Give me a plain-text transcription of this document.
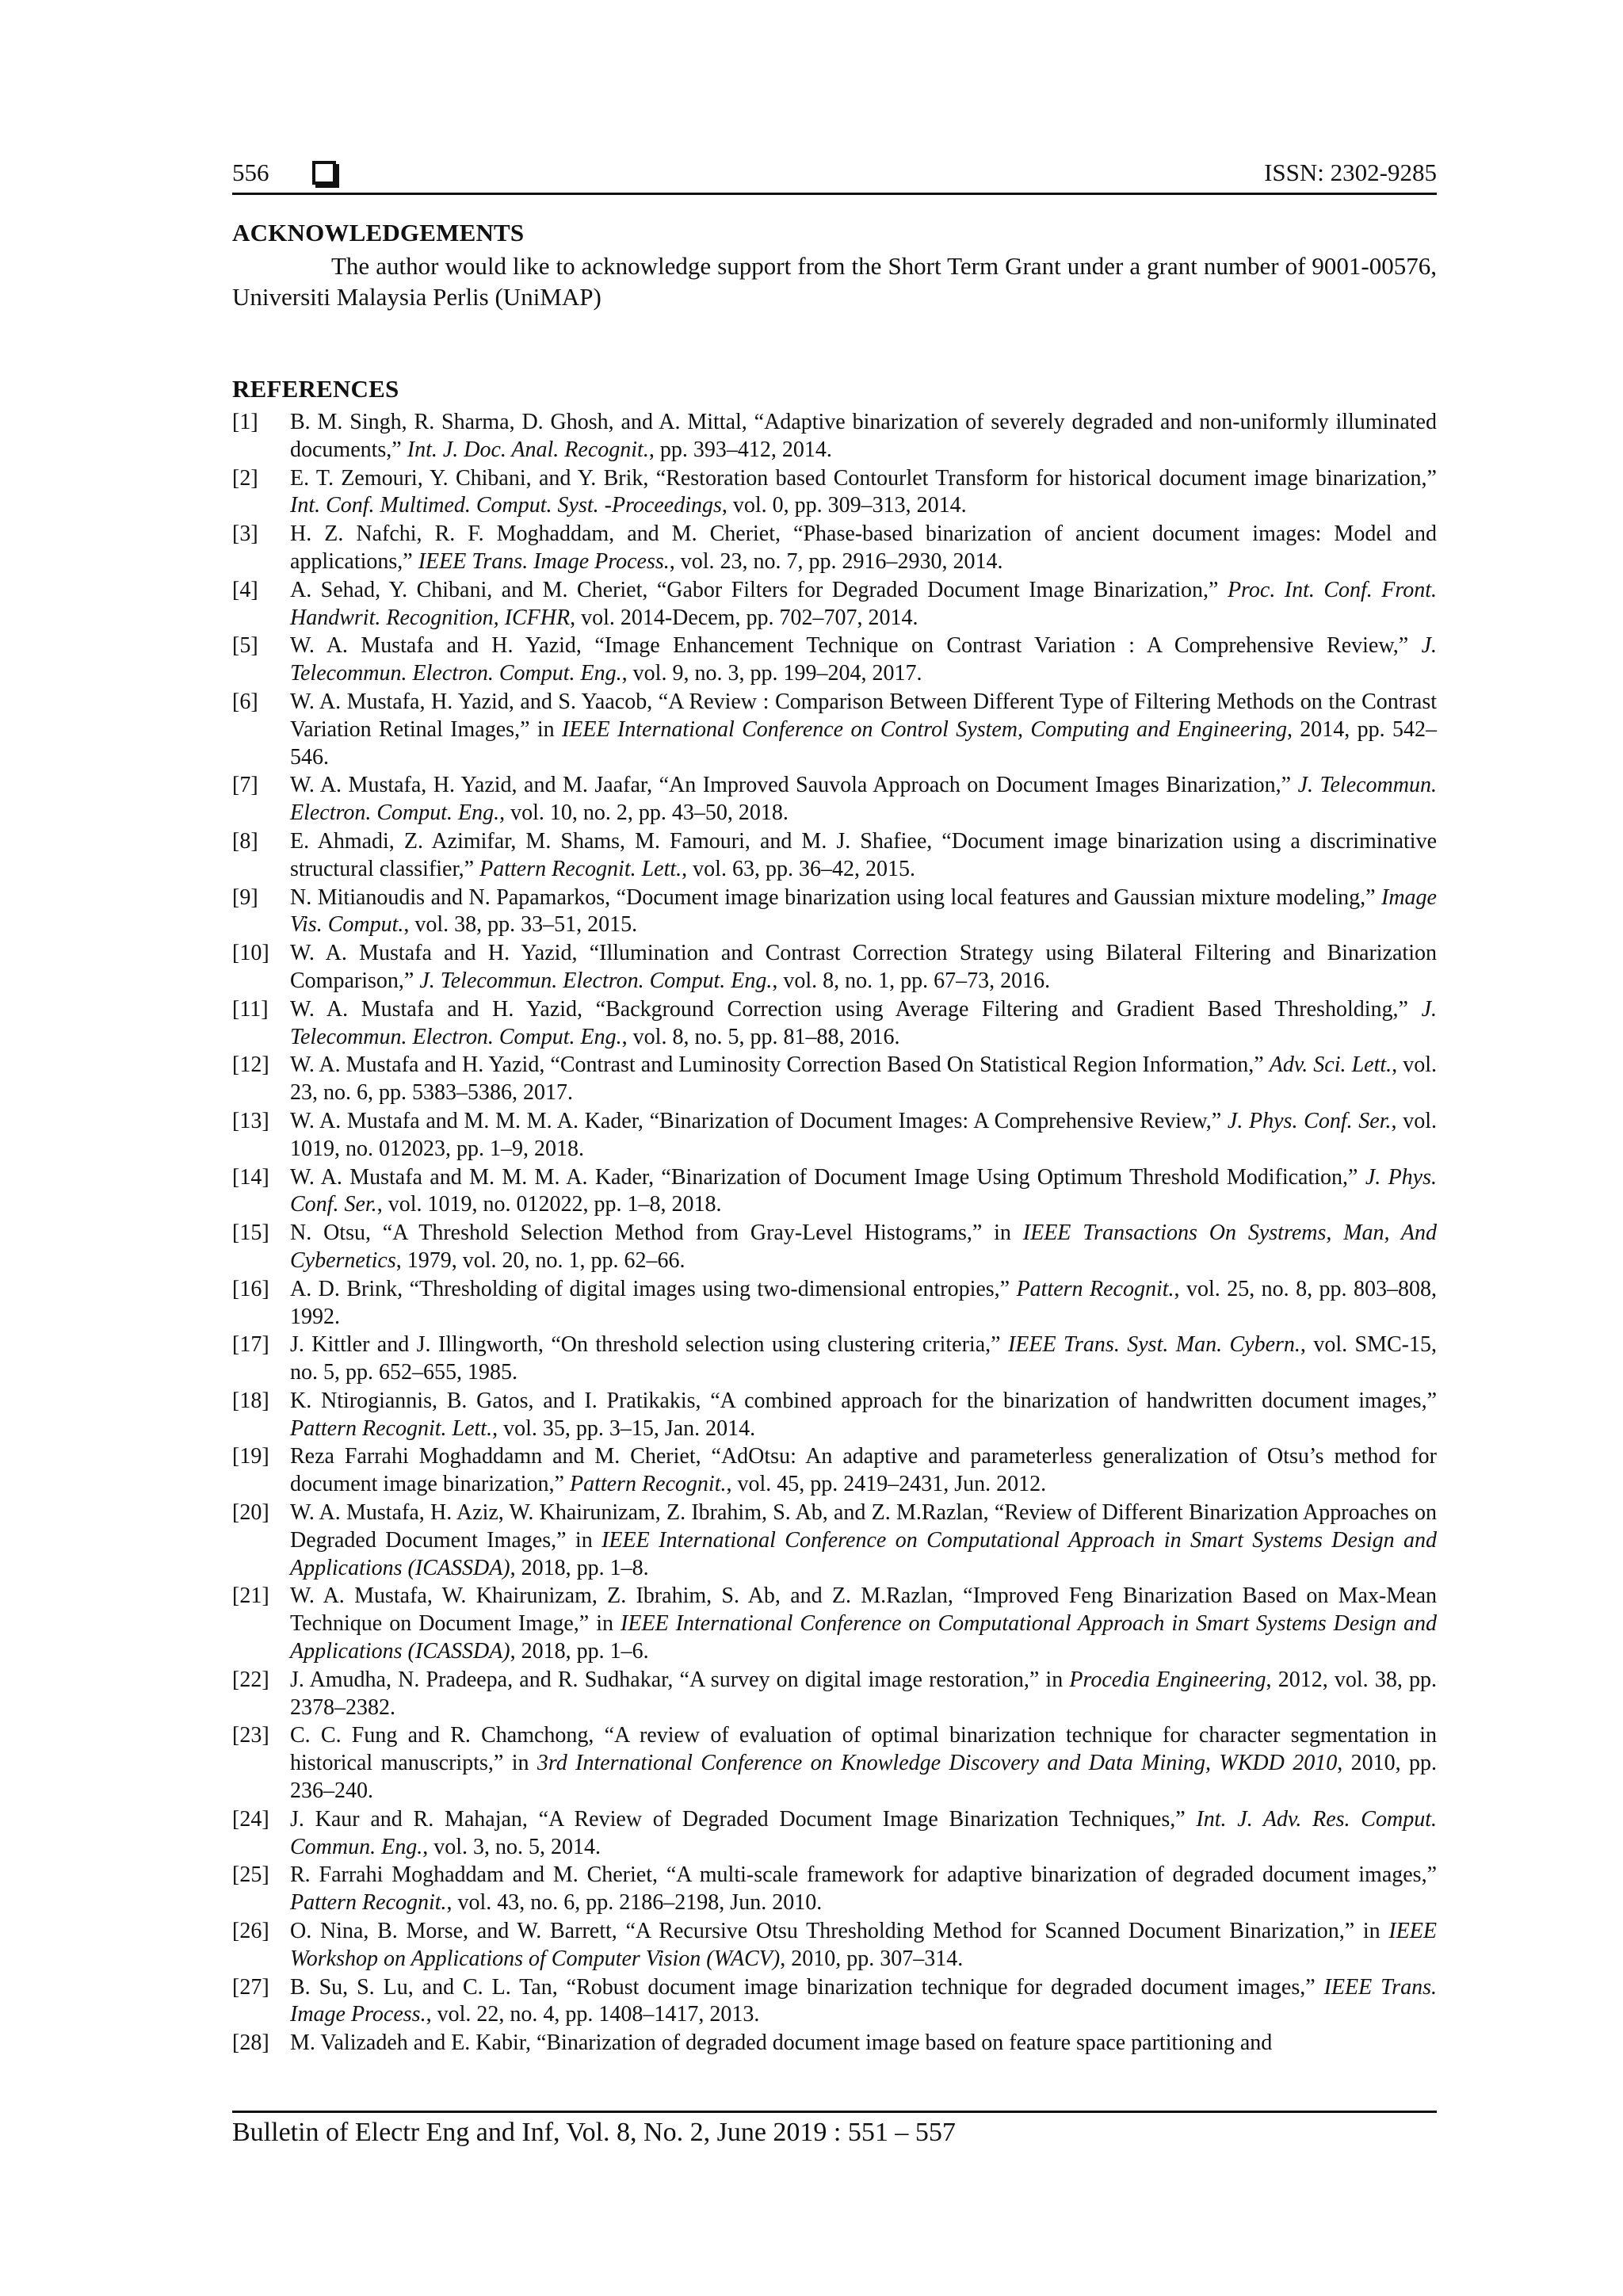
556	ISSN: 2302-9285
ACKNOWLEDGEMENTS
The author would like to acknowledge support from the Short Term Grant under a grant number of 9001-00576, Universiti Malaysia Perlis (UniMAP)
REFERENCES
[1]	B. M. Singh, R. Sharma, D. Ghosh, and A. Mittal, “Adaptive binarization of severely degraded and non-uniformly illuminated documents,” Int. J. Doc. Anal. Recognit., pp. 393–412, 2014.
[2]	E. T. Zemouri, Y. Chibani, and Y. Brik, “Restoration based Contourlet Transform for historical document image binarization,” Int. Conf. Multimed. Comput. Syst. -Proceedings, vol. 0, pp. 309–313, 2014.
[3]	H. Z. Nafchi, R. F. Moghaddam, and M. Cheriet, “Phase-based binarization of ancient document images: Model and applications,” IEEE Trans. Image Process., vol. 23, no. 7, pp. 2916–2930, 2014.
[4]	A. Sehad, Y. Chibani, and M. Cheriet, “Gabor Filters for Degraded Document Image Binarization,” Proc. Int. Conf. Front. Handwrit. Recognition, ICFHR, vol. 2014-Decem, pp. 702–707, 2014.
[5]	W. A. Mustafa and H. Yazid, “Image Enhancement Technique on Contrast Variation : A Comprehensive Review,” J. Telecommun. Electron. Comput. Eng., vol. 9, no. 3, pp. 199–204, 2017.
[6]	W. A. Mustafa, H. Yazid, and S. Yaacob, “A Review : Comparison Between Different Type of Filtering Methods on the Contrast Variation Retinal Images,” in IEEE International Conference on Control System, Computing and Engineering, 2014, pp. 542–546.
[7]	W. A. Mustafa, H. Yazid, and M. Jaafar, “An Improved Sauvola Approach on Document Images Binarization,” J. Telecommun. Electron. Comput. Eng., vol. 10, no. 2, pp. 43–50, 2018.
[8]	E. Ahmadi, Z. Azimifar, M. Shams, M. Famouri, and M. J. Shafiee, “Document image binarization using a discriminative structural classifier,” Pattern Recognit. Lett., vol. 63, pp. 36–42, 2015.
[9]	N. Mitianoudis and N. Papamarkos, “Document image binarization using local features and Gaussian mixture modeling,” Image Vis. Comput., vol. 38, pp. 33–51, 2015.
[10] W. A. Mustafa and H. Yazid, “Illumination and Contrast Correction Strategy using Bilateral Filtering and Binarization Comparison,” J. Telecommun. Electron. Comput. Eng., vol. 8, no. 1, pp. 67–73, 2016.
[11] W. A. Mustafa and H. Yazid, “Background Correction using Average Filtering and Gradient Based Thresholding,” J. Telecommun. Electron. Comput. Eng., vol. 8, no. 5, pp. 81–88, 2016.
[12] W. A. Mustafa and H. Yazid, “Contrast and Luminosity Correction Based On Statistical Region Information,” Adv. Sci. Lett., vol. 23, no. 6, pp. 5383–5386, 2017.
[13] W. A. Mustafa and M. M. M. A. Kader, “Binarization of Document Images: A Comprehensive Review,” J. Phys. Conf. Ser., vol. 1019, no. 012023, pp. 1–9, 2018.
[14] W. A. Mustafa and M. M. M. A. Kader, “Binarization of Document Image Using Optimum Threshold Modification,” J. Phys. Conf. Ser., vol. 1019, no. 012022, pp. 1–8, 2018.
[15] N. Otsu, “A Threshold Selection Method from Gray-Level Histograms,” in IEEE Transactions On Systrems, Man, And Cybernetics, 1979, vol. 20, no. 1, pp. 62–66.
[16] A. D. Brink, “Thresholding of digital images using two-dimensional entropies,” Pattern Recognit., vol. 25, no. 8, pp. 803–808, 1992.
[17] J. Kittler and J. Illingworth, “On threshold selection using clustering criteria,” IEEE Trans. Syst. Man. Cybern., vol. SMC-15, no. 5, pp. 652–655, 1985.
[18] K. Ntirogiannis, B. Gatos, and I. Pratikakis, “A combined approach for the binarization of handwritten document images,” Pattern Recognit. Lett., vol. 35, pp. 3–15, Jan. 2014.
[19] Reza Farrahi Moghaddamn and M. Cheriet, “AdOtsu: An adaptive and parameterless generalization of Otsu’s method for document image binarization,” Pattern Recognit., vol. 45, pp. 2419–2431, Jun. 2012.
[20] W. A. Mustafa, H. Aziz, W. Khairunizam, Z. Ibrahim, S. Ab, and Z. M.Razlan, “Review of Different Binarization Approaches on Degraded Document Images,” in IEEE International Conference on Computational Approach in Smart Systems Design and Applications (ICASSDA), 2018, pp. 1–8.
[21] W. A. Mustafa, W. Khairunizam, Z. Ibrahim, S. Ab, and Z. M.Razlan, “Improved Feng Binarization Based on Max-Mean Technique on Document Image,” in IEEE International Conference on Computational Approach in Smart Systems Design and Applications (ICASSDA), 2018, pp. 1–6.
[22] J. Amudha, N. Pradeepa, and R. Sudhakar, “A survey on digital image restoration,” in Procedia Engineering, 2012, vol. 38, pp. 2378–2382.
[23] C. C. Fung and R. Chamchong, “A review of evaluation of optimal binarization technique for character segmentation in historical manuscripts,” in 3rd International Conference on Knowledge Discovery and Data Mining, WKDD 2010, 2010, pp. 236–240.
[24] J. Kaur and R. Mahajan, “A Review of Degraded Document Image Binarization Techniques,” Int. J. Adv. Res. Comput. Commun. Eng., vol. 3, no. 5, 2014.
[25] R. Farrahi Moghaddam and M. Cheriet, “A multi-scale framework for adaptive binarization of degraded document images,” Pattern Recognit., vol. 43, no. 6, pp. 2186–2198, Jun. 2010.
[26] O. Nina, B. Morse, and W. Barrett, “A Recursive Otsu Thresholding Method for Scanned Document Binarization,” in IEEE Workshop on Applications of Computer Vision (WACV), 2010, pp. 307–314.
[27] B. Su, S. Lu, and C. L. Tan, “Robust document image binarization technique for degraded document images,” IEEE Trans. Image Process., vol. 22, no. 4, pp. 1408–1417, 2013.
[28] M. Valizadeh and E. Kabir, “Binarization of degraded document image based on feature space partitioning and
Bulletin of Electr Eng and Inf, Vol. 8, No. 2, June 2019 : 551 – 557
